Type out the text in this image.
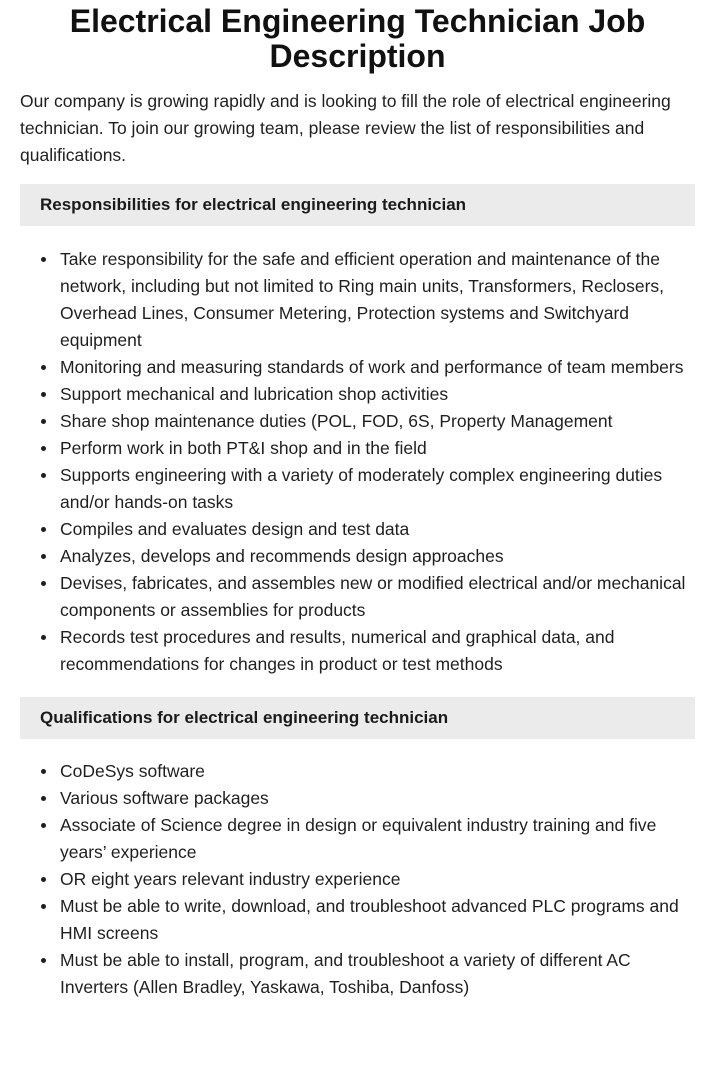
Electrical Engineering Technician Job Description

Our company is growing rapidly and is looking to fill the role of electrical engineering technician. To join our growing team, please review the list of responsibilities and qualifications.

Responsibilities for electrical engineering technician
Take responsibility for the safe and efficient operation and maintenance of the network, including but not limited to Ring main units, Transformers, Reclosers, Overhead Lines, Consumer Metering, Protection systems and Switchyard equipment
Monitoring and measuring standards of work and performance of team members
Support mechanical and lubrication shop activities
Share shop maintenance duties (POL, FOD, 6S, Property Management
Perform work in both PT&I shop and in the field
Supports engineering with a variety of moderately complex engineering duties and/or hands-on tasks
Compiles and evaluates design and test data
Analyzes, develops and recommends design approaches
Devises, fabricates, and assembles new or modified electrical and/or mechanical components or assemblies for products
Records test procedures and results, numerical and graphical data, and recommendations for changes in product or test methods
Qualifications for electrical engineering technician
CoDeSys software
Various software packages
Associate of Science degree in design or equivalent industry training and five years’ experience
OR eight years relevant industry experience
Must be able to write, download, and troubleshoot advanced PLC programs and HMI screens
Must be able to install, program, and troubleshoot a variety of different AC Inverters (Allen Bradley, Yaskawa, Toshiba, Danfoss)
